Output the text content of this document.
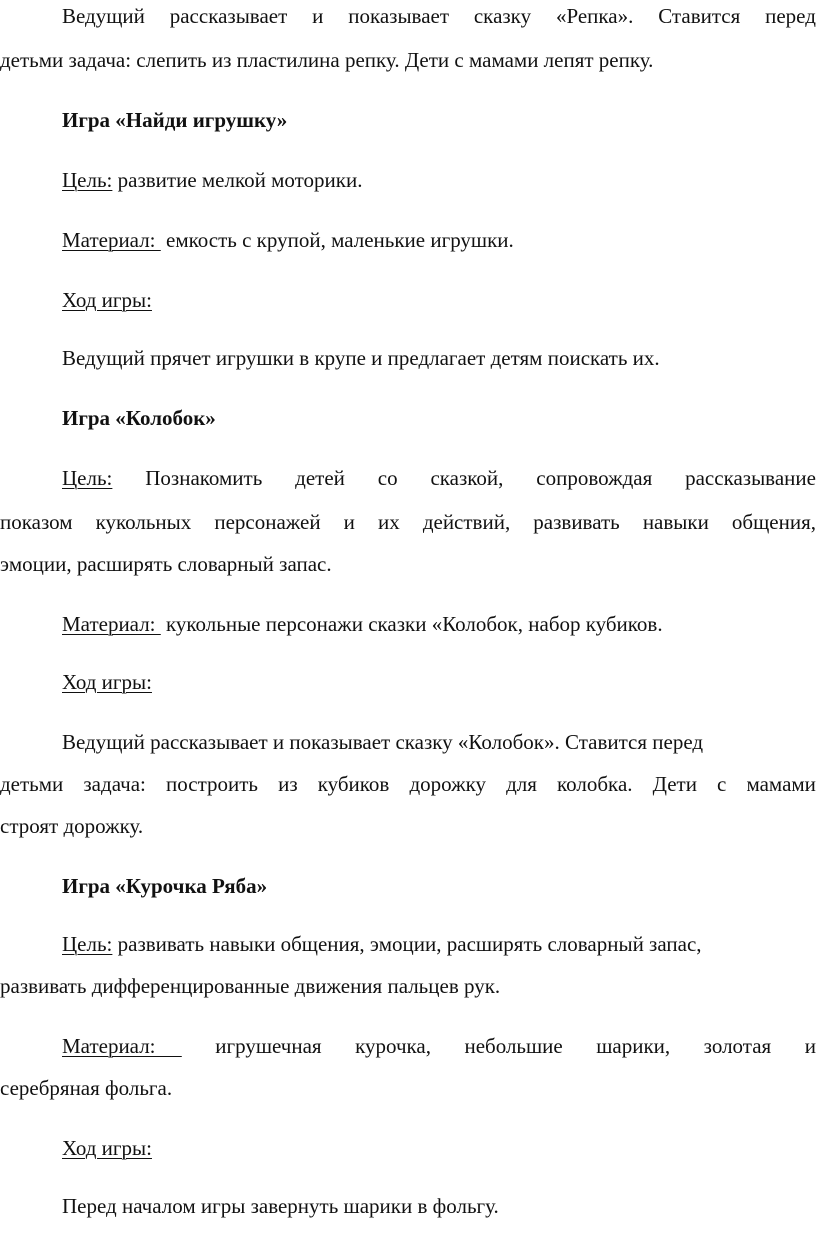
Ведущий рассказывает и показывает сказку «Репка». Ставится перед
детьми задача: слепить из пластилина репку. Дети с мамами лепят репку.
Игра «Найди игрушку»
Цель: развитие мелкой моторики.
Материал:  емкость с крупой, маленькие игрушки.
Ход игры:
Ведущий прячет игрушки в крупе и предлагает детям поискать их.
Игра «Колобок»
Цель: Познакомить детей со сказкой, сопровождая рассказывание
показом кукольных персонажей и их действий, развивать навыки общения,
эмоции, расширять словарный запас.
Материал:  кукольные персонажи сказки «Колобок, набор кубиков.
Ход игры:
Ведущий рассказывает и показывает сказку «Колобок». Ставится перед
детьми задача: построить из кубиков дорожку для колобка. Дети с мамами
строят дорожку.
Игра «Курочка Ряба»
Цель: развивать навыки общения, эмоции, расширять словарный запас,
развивать дифференцированные движения пальцев рук.
Материал: игрушечная курочка, небольшие шарики, золотая и
серебряная фольга.
Ход игры:
Перед началом игры завернуть шарики в фольгу.
